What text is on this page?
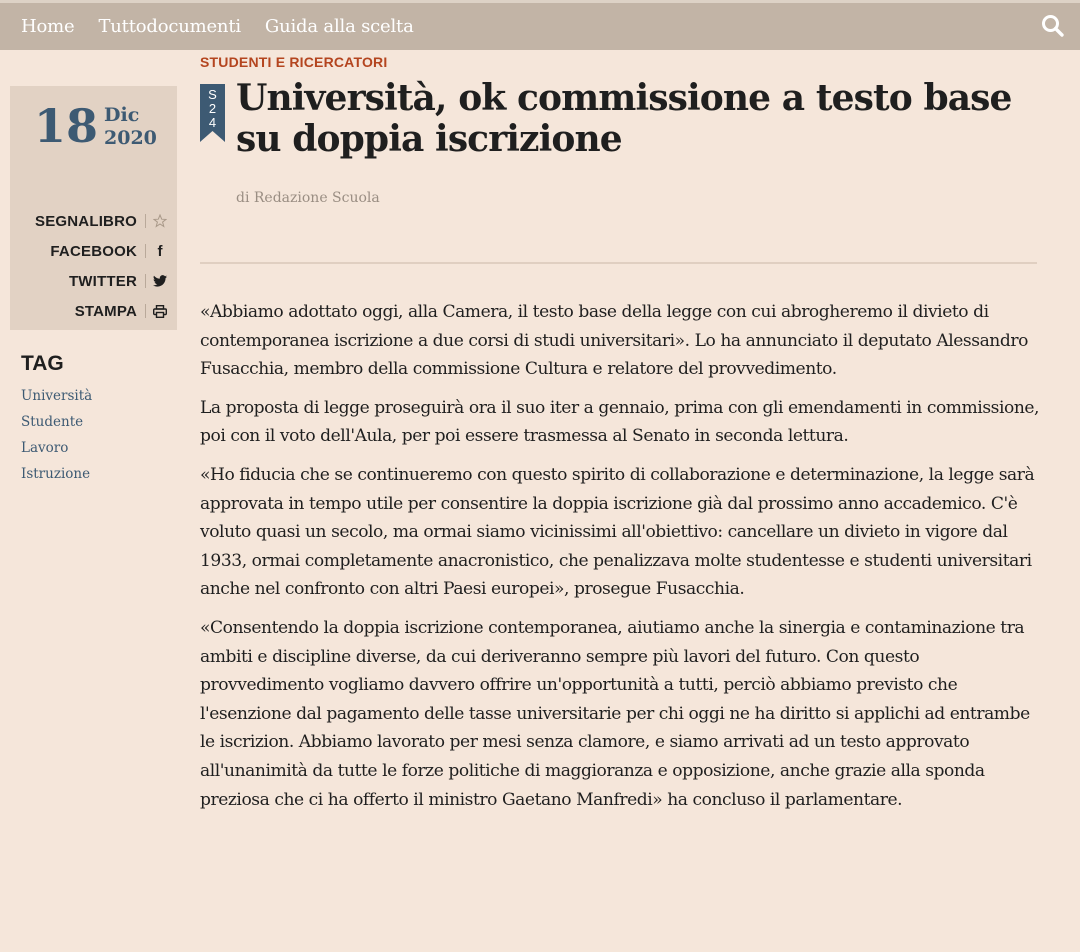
Home Tuttodocumenti Guida alla scelta
18 Dic
2020
SEGNALIBRO
FACEBOOK	f
TWITTER
STAMPA
TAG
Università
Studente
Lavoro
Istruzione
STUDENTI E RICERCATORI
S
2
4
Università, ok commissione a testo base su doppia iscrizione
di Redazione Scuola

«Abbiamo adottato oggi, alla Camera, il testo base della legge con cui abrogheremo il divieto di contemporanea iscrizione a due corsi di studi universitari». Lo ha annunciato il deputato Alessandro Fusacchia, membro della commissione Cultura e relatore del provvedimento.

La proposta di legge proseguirà ora il suo iter a gennaio, prima con gli emendamenti in commissione, poi con il voto dell'Aula, per poi essere trasmessa al Senato in seconda lettura.

«Ho fiducia che se continueremo con questo spirito di collaborazione e determinazione, la legge sarà approvata in tempo utile per consentire la doppia iscrizione già dal prossimo anno accademico. C'è voluto quasi un secolo, ma ormai siamo vicinissimi all'obiettivo: cancellare un divieto in vigore dal 1933, ormai completamente anacronistico, che penalizzava molte studentesse e studenti universitari anche nel confronto con altri Paesi europei», prosegue Fusacchia.

«Consentendo la doppia iscrizione contemporanea, aiutiamo anche la sinergia e contaminazione tra ambiti e discipline diverse, da cui deriveranno sempre più lavori del futuro. Con questo provvedimento vogliamo davvero offrire un'opportunità a tutti, perciò abbiamo previsto che l'esenzione dal pagamento delle tasse universitarie per chi oggi ne ha diritto si applichi ad entrambe le iscrizion. Abbiamo lavorato per mesi senza clamore, e siamo arrivati ad un testo approvato all'unanimità da tutte le forze politiche di maggioranza e opposizione, anche grazie alla sponda preziosa che ci ha offerto il ministro Gaetano Manfredi» ha concluso il parlamentare.
